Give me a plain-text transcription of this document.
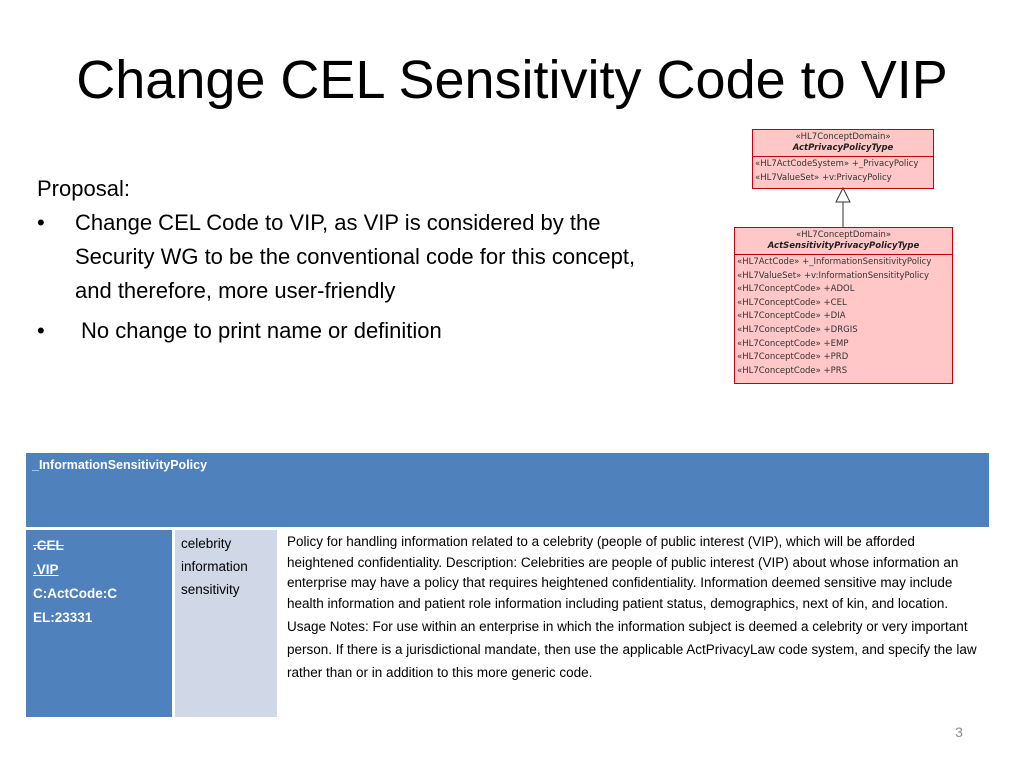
Change CEL Sensitivity Code to VIP
Proposal:
• Change CEL Code to VIP, as VIP is considered by the Security WG to be the conventional code for this concept, and therefore, more user-friendly
• No change to print name or definition
«HL7ConceptDomain»
ActPrivacyPolicyType
«HL7ActCodeSystem» +_PrivacyPolicy
«HL7ValueSet» +v:PrivacyPolicy
«HL7ConceptDomain»
ActSensitivityPrivacyPolicyType
«HL7ActCode» +_InformationSensitivityPolicy
«HL7ValueSet» +v:InformationSensitityPolicy
«HL7ConceptCode» +ADOL
«HL7ConceptCode» +CEL
«HL7ConceptCode» +DIA
«HL7ConceptCode» +DRGIS
«HL7ConceptCode» +EMP
«HL7ConceptCode» +PRD
«HL7ConceptCode» +PRS
_InformationSensitivityPolicy
.CEL
.VIP
C:ActCode:C
EL:23331
celebrity
information
sensitivity
Policy for handling information related to a celebrity (people of public interest (VIP), which will be afforded heightened confidentiality. Description: Celebrities are people of public interest (VIP) about whose information an enterprise may have a policy that requires heightened confidentiality. Information deemed sensitive may include health information and patient role information including patient status, demographics, next of kin, and location.
Usage Notes: For use within an enterprise in which the information subject is deemed a celebrity or very important person. If there is a jurisdictional mandate, then use the applicable ActPrivacyLaw code system, and specify the law rather than or in addition to this more generic code.
3
